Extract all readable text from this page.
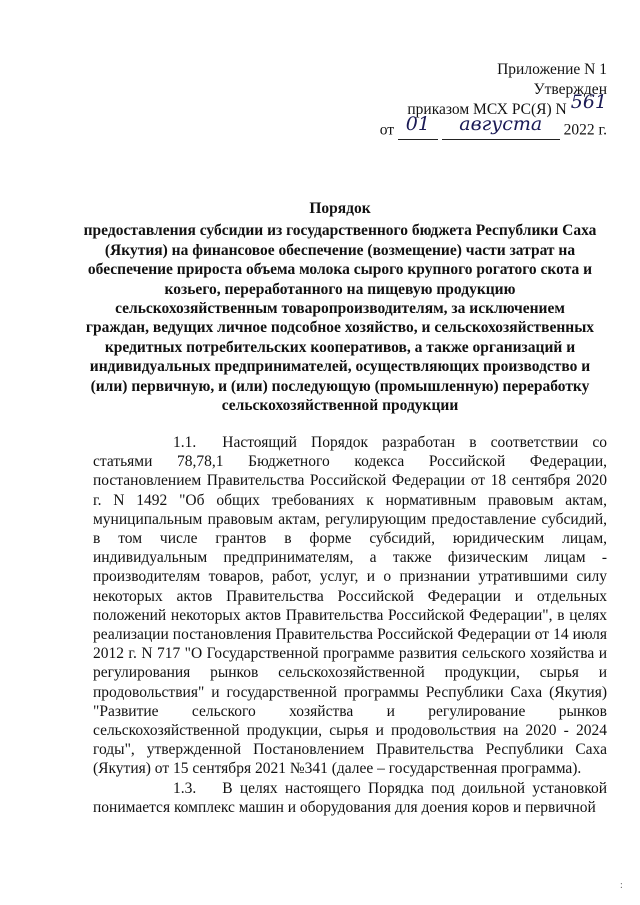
Приложение N 1
Утвержден
приказом МСХ РС(Я) N 561
от 01 августа 2022 г.
Порядок
предоставления субсидии из государственного бюджета Республики Саха (Якутия) на финансовое обеспечение (возмещение) части затрат на обеспечение прироста объема молока сырого крупного рогатого скота и козьего, переработанного на пищевую продукцию сельскохозяйственным товаропроизводителям, за исключением граждан, ведущих личное подсобное хозяйство, и сельскохозяйственных кредитных потребительских кооперативов, а также организаций и индивидуальных предпринимателей, осуществляющих производство и (или) первичную, и (или) последующую (промышленную) переработку сельскохозяйственной продукции

1.1. Настоящий Порядок разработан в соответствии со статьями 78,78,1 Бюджетного кодекса Российской Федерации, постановлением Правительства Российской Федерации от 18 сентября 2020 г. N 1492 "Об общих требованиях к нормативным правовым актам, муниципальным правовым актам, регулирующим предоставление субсидий, в том числе грантов в форме субсидий, юридическим лицам, индивидуальным предпринимателям, а также физическим лицам - производителям товаров, работ, услуг, и о признании утратившими силу некоторых актов Правительства Российской Федерации и отдельных положений некоторых актов Правительства Российской Федерации", в целях реализации постановления Правительства Российской Федерации от 14 июля 2012 г. N 717 "О Государственной программе развития сельского хозяйства и регулирования рынков сельскохозяйственной продукции, сырья и продовольствия" и государственной программы Республики Саха (Якутия) "Развитие сельского хозяйства и регулирование рынков сельскохозяйственной продукции, сырья и продовольствия на 2020 - 2024 годы", утвержденной Постановлением Правительства Республики Саха (Якутия) от 15 сентября 2021 №341 (далее – государственная программа).

1.3. В целях настоящего Порядка под доильной установкой понимается комплекс машин и оборудования для доения коров и первичной

:
